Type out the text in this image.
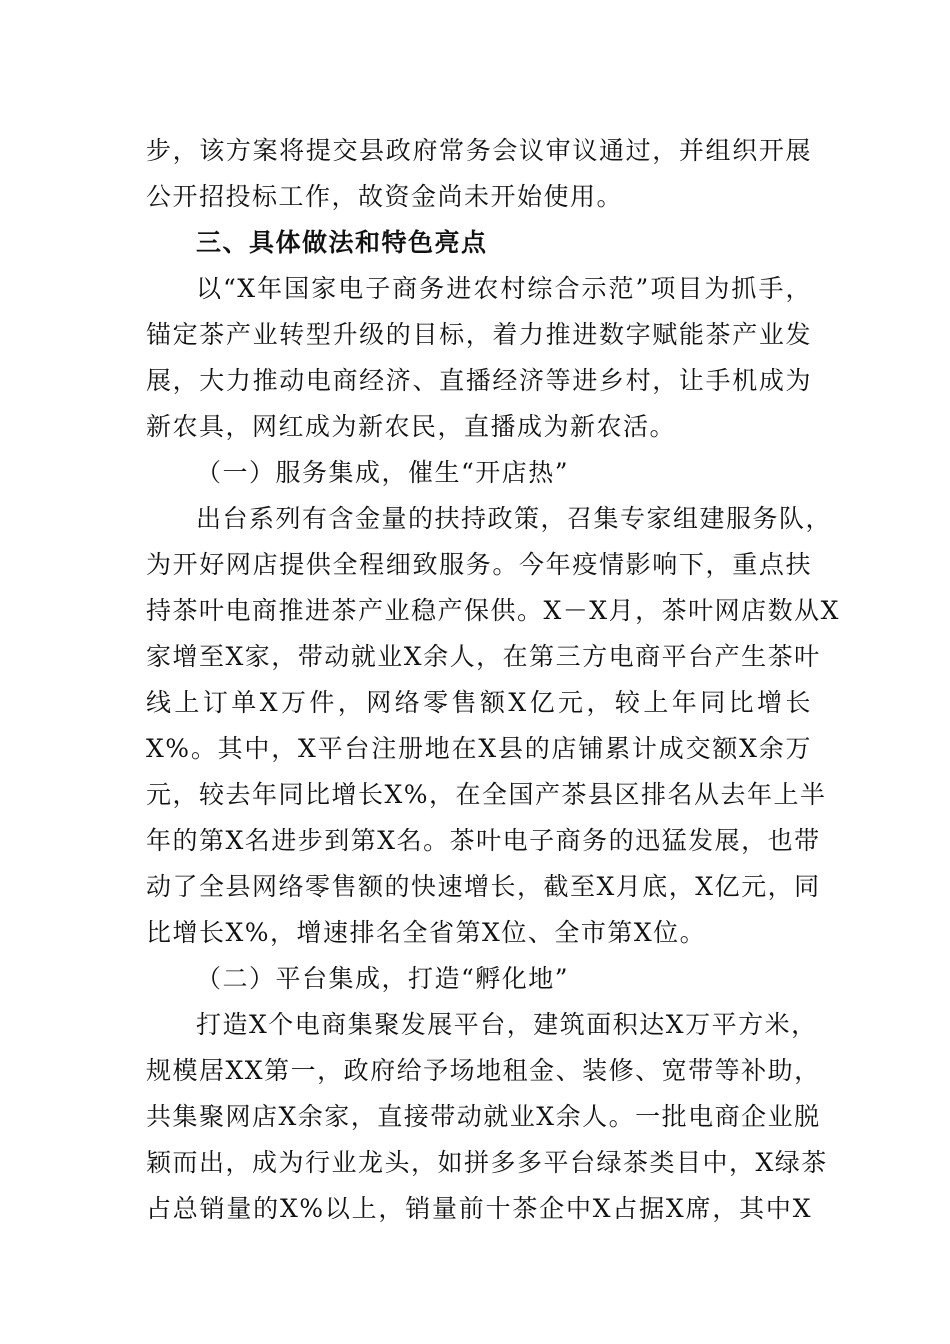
步，该方案将提交县政府常务会议审议通过，并组织开展
公开招投标工作，故资金尚未开始使用。
三、具体做法和特色亮点
以“X年国家电子商务进农村综合示范”项目为抓手，
锚定茶产业转型升级的目标，着力推进数字赋能茶产业发
展，大力推动电商经济、直播经济等进乡村，让手机成为
新农具，网红成为新农民，直播成为新农活。
（一）服务集成，催生“开店热”
出台系列有含金量的扶持政策，召集专家组建服务队，
为开好网店提供全程细致服务。今年疫情影响下，重点扶
持茶叶电商推进茶产业稳产保供。X－X月，茶叶网店数从X
家增至X家，带动就业X余人，在第三方电商平台产生茶叶
线上订单X万件，网络零售额X亿元，较上年同比增长
X%。其中，X平台注册地在X县的店铺累计成交额X余万
元，较去年同比增长X%，在全国产茶县区排名从去年上半
年的第X名进步到第X名。茶叶电子商务的迅猛发展，也带
动了全县网络零售额的快速增长，截至X月底，X亿元，同
比增长X%，增速排名全省第X位、全市第X位。
（二）平台集成，打造“孵化地”
打造X个电商集聚发展平台，建筑面积达X万平方米，
规模居XX第一，政府给予场地租金、装修、宽带等补助，
共集聚网店X余家，直接带动就业X余人。一批电商企业脱
颖而出，成为行业龙头，如拼多多平台绿茶类目中，X绿茶
占总销量的X%以上，销量前十茶企中X占据X席，其中X
